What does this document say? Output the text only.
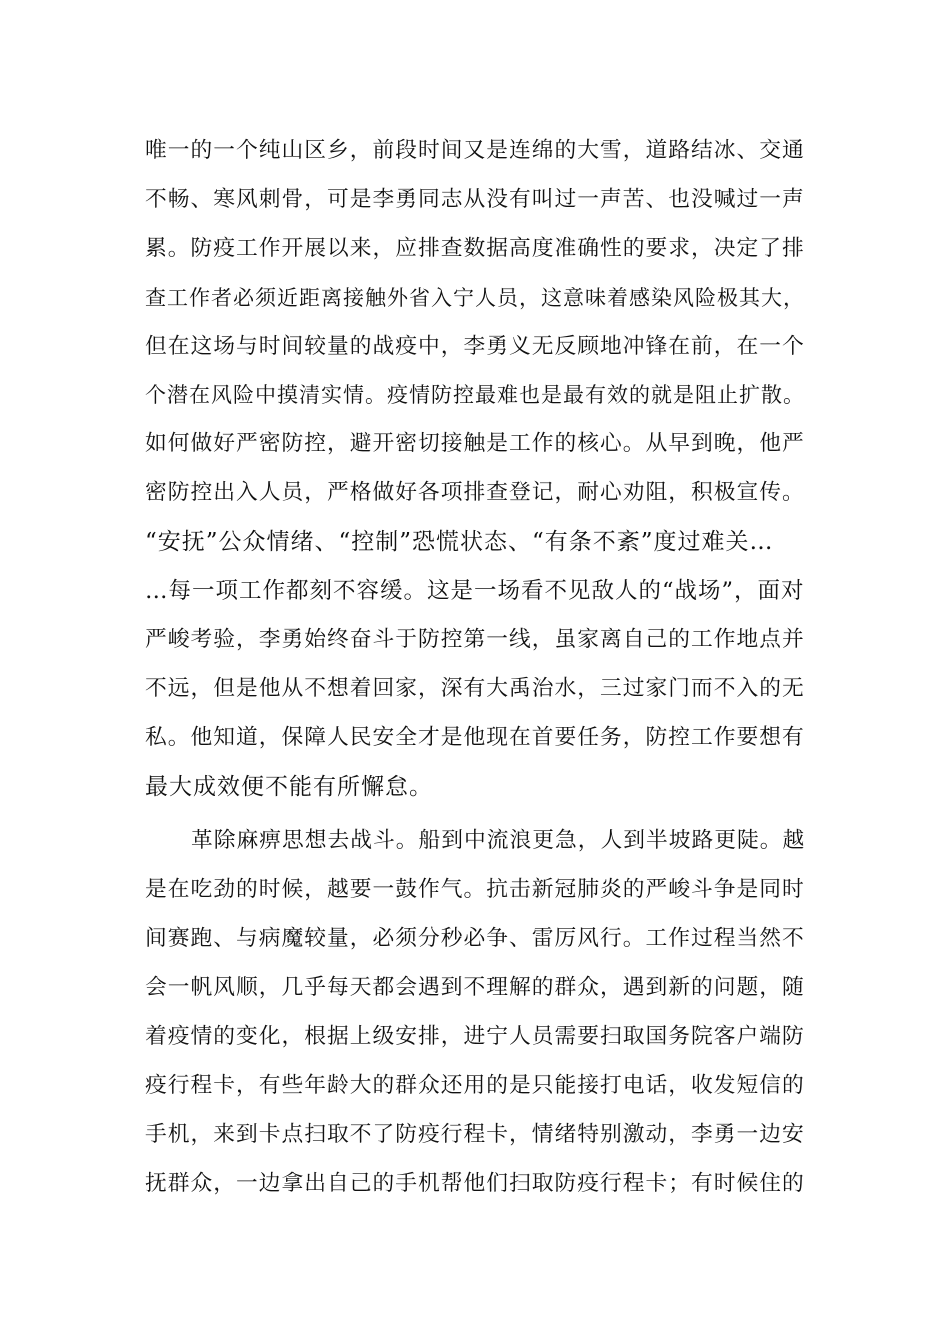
唯一的一个纯山区乡，前段时间又是连绵的大雪，道路结冰、交通
不畅、寒风刺骨，可是李勇同志从没有叫过一声苦、也没喊过一声
累。防疫工作开展以来，应排查数据高度准确性的要求，决定了排
查工作者必须近距离接触外省入宁人员，这意味着感染风险极其大，
但在这场与时间较量的战疫中，李勇义无反顾地冲锋在前，在一个
个潜在风险中摸清实情。疫情防控最难也是最有效的就是阻止扩散。
如何做好严密防控，避开密切接触是工作的核心。从早到晚，他严
密防控出入人员，严格做好各项排查登记，耐心劝阻，积极宣传。
“安抚”公众情绪、“控制”恐慌状态、“有条不紊”度过难关…
…每一项工作都刻不容缓。这是一场看不见敌人的“战场”，面对
严峻考验，李勇始终奋斗于防控第一线，虽家离自己的工作地点并
不远，但是他从不想着回家，深有大禹治水，三过家门而不入的无
私。他知道，保障人民安全才是他现在首要任务，防控工作要想有
最大成效便不能有所懈怠。
革除麻痹思想去战斗。船到中流浪更急，人到半坡路更陡。越
是在吃劲的时候，越要一鼓作气。抗击新冠肺炎的严峻斗争是同时
间赛跑、与病魔较量，必须分秒必争、雷厉风行。工作过程当然不
会一帆风顺，几乎每天都会遇到不理解的群众，遇到新的问题，随
着疫情的变化，根据上级安排，进宁人员需要扫取国务院客户端防
疫行程卡，有些年龄大的群众还用的是只能接打电话，收发短信的
手机，来到卡点扫取不了防疫行程卡，情绪特别激动，李勇一边安
抚群众，一边拿出自己的手机帮他们扫取防疫行程卡；有时候住的
